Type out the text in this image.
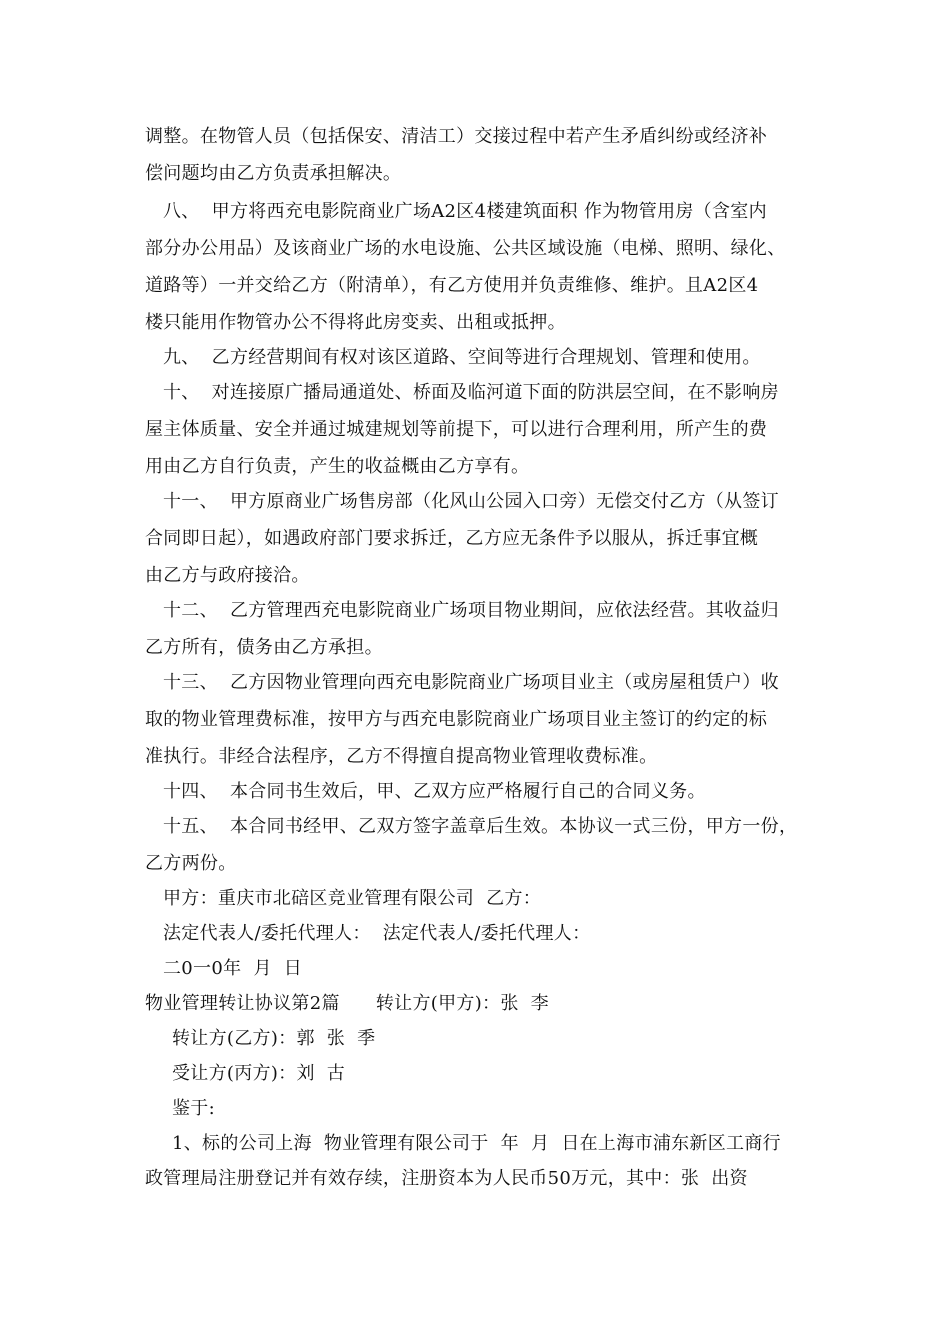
调整。在物管人员（包括保安、清洁工）交接过程中若产生矛盾纠纷或经济补
偿问题均由乙方负责承担解决。
八、  甲方将西充电影院商业广场A2区4楼建筑面积 作为物管用房（含室内
部分办公用品）及该商业广场的水电设施、公共区域设施（电梯、照明、绿化、
道路等）一并交给乙方（附清单），有乙方使用并负责维修、维护。且A2区4
楼只能用作物管办公不得将此房变卖、出租或抵押。
九、  乙方经营期间有权对该区道路、空间等进行合理规划、管理和使用。
十、  对连接原广播局通道处、桥面及临河道下面的防洪层空间，在不影响房
屋主体质量、安全并通过城建规划等前提下，可以进行合理利用，所产生的费
用由乙方自行负责，产生的收益概由乙方享有。
十一、  甲方原商业广场售房部（化风山公园入口旁）无偿交付乙方（从签订
合同即日起），如遇政府部门要求拆迁，乙方应无条件予以服从，拆迁事宜概
由乙方与政府接洽。
十二、  乙方管理西充电影院商业广场项目物业期间，应依法经营。其收益归
乙方所有，债务由乙方承担。
十三、  乙方因物业管理向西充电影院商业广场项目业主（或房屋租赁户）收
取的物业管理费标准，按甲方与西充电影院商业广场项目业主签订的约定的标
准执行。非经合法程序，乙方不得擅自提高物业管理收费标准。
十四、  本合同书生效后，甲、乙双方应严格履行自己的合同义务。
十五、  本合同书经甲、乙双方签字盖章后生效。本协议一式三份，甲方一份，
乙方两份。
甲方：重庆市北碚区竞业管理有限公司  乙方：
法定代表人/委托代理人：  法定代表人/委托代理人：
二0一0年  月  日
物业管理转让协议第2篇      转让方(甲方)：张  李
转让方(乙方)：郭  张  季
受让方(丙方)：刘  古
鉴于:
1、标的公司上海  物业管理有限公司于  年  月  日在上海市浦东新区工商行
政管理局注册登记并有效存续，注册资本为人民币50万元，其中：张  出资
